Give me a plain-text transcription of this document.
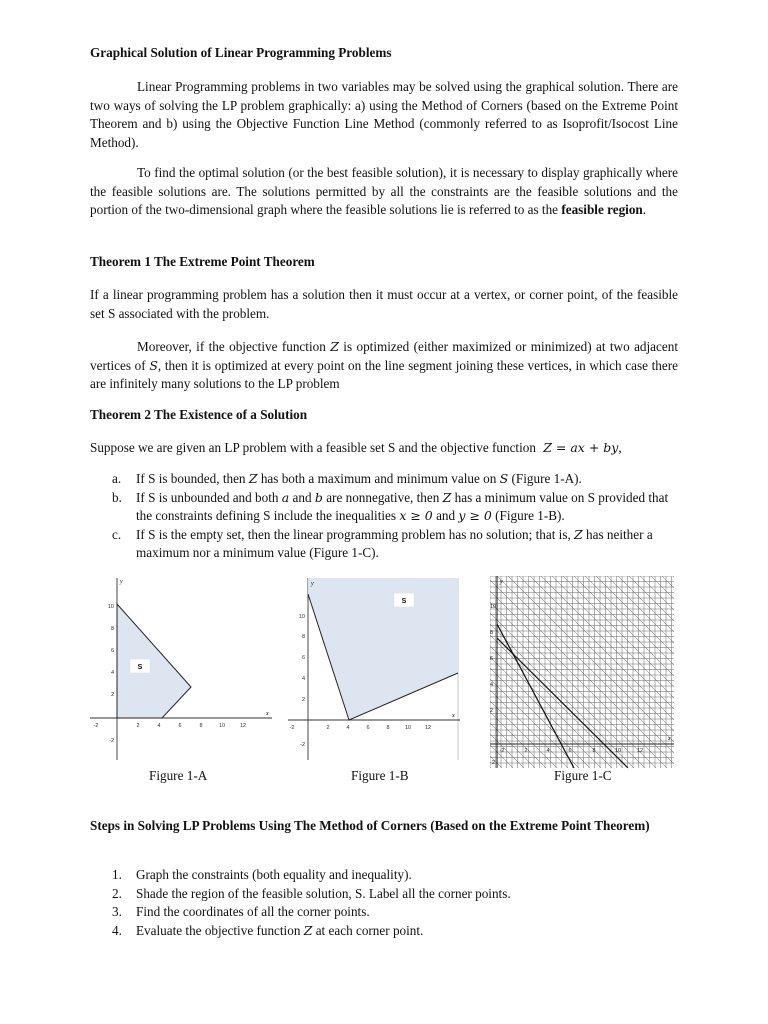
Graphical Solution of Linear Programming Problems

Linear Programming problems in two variables may be solved using the graphical solution. There are two ways of solving the LP problem graphically: a) using the Method of Corners (based on the Extreme Point Theorem and b) using the Objective Function Line Method (commonly referred to as Isoprofit/Isocost Line Method).

To find the optimal solution (or the best feasible solution), it is necessary to display graphically where the feasible solutions are. The solutions permitted by all the constraints are the feasible solutions and the portion of the two-dimensional graph where the feasible solutions lie is referred to as the feasible region.

Theorem 1 The Extreme Point Theorem

If a linear programming problem has a solution then it must occur at a vertex, or corner point, of the feasible set S associated with the problem.

Moreover, if the objective function Z is optimized (either maximized or minimized) at two adjacent vertices of S, then it is optimized at every point on the line segment joining these vertices, in which case there are infinitely many solutions to the LP problem

Theorem 2 The Existence of a Solution

Suppose we are given an LP problem with a feasible set S and the objective function Z = ax + by,

a. If S is bounded, then Z has both a maximum and minimum value on S (Figure 1-A).
b. If S is unbounded and both a and b are nonnegative, then Z has a minimum value on S provided that the constraints defining S include the inequalities x ≥ 0 and y ≥ 0 (Figure 1-B).
c. If S is the empty set, then the linear programming problem has no solution; that is, Z has neither a maximum nor a minimum value (Figure 1-C).
S
x
y
-2	2	4	6	8	10	12
10
8
6
4
2
-2
Figure 1-A
S
x
y
-2	2	4	6	8	10	12
10
8
6
4
2
-2
Figure 1-B
-2	2	4	6	8	10	12
10
8
6
4
2
-2
x
y
Figure 1-C

Steps in Solving LP Problems Using The Method of Corners (Based on the Extreme Point Theorem)

1. Graph the constraints (both equality and inequality).
2. Shade the region of the feasible solution, S. Label all the corner points.
3. Find the coordinates of all the corner points.
4. Evaluate the objective function Z at each corner point.
